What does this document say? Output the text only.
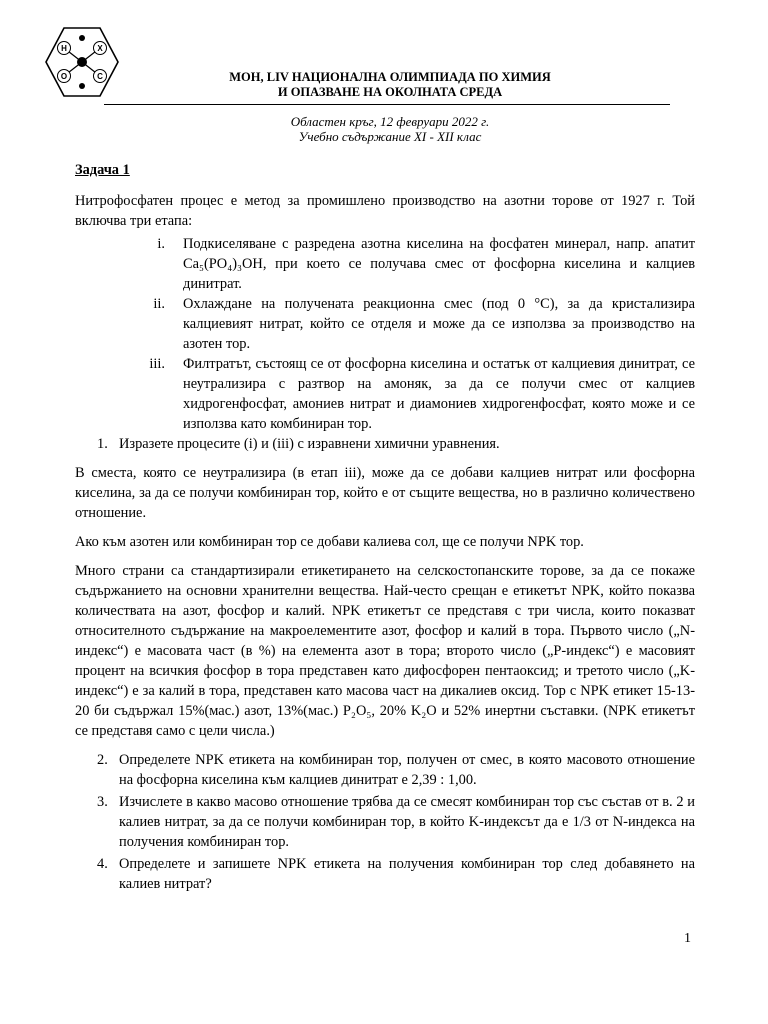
Н	Х
О	С	МОН, LIV НАЦИОНАЛНА ОЛИМПИАДА ПО ХИМИЯ
И ОПАЗВАНЕ НА ОКОЛНАТА СРЕДА
Областен кръг, 12 февруари 2022 г.
Учебно съдържание XI - XII клас

Задача 1

Нитрофосфатен процес е метод за промишлено производство на азотни торове от 1927 г. Той включва три етапа:

i. Подкиселяване с разредена азотна киселина на фосфатен минерал, напр. апатит Ca₅(PO₄)₃OH, при което се получава смес от фосфорна киселина и калциев динитрат.
ii. Охлаждане на получената реакционна смес (под 0 °C), за да кристализира калциевият нитрат, който се отделя и може да се използва за производство на азотен тор.
iii. Филтратът, състоящ се от фосфорна киселина и остатък от калциевия динитрат, се неутрализира с разтвор на амоняк, за да се получи смес от калциев хидрогенфосфат, амониев нитрат и диамониев хидрогенфосфат, която може и се използва като комбиниран тор.
1. Изразете процесите (i) и (iii) с изравнени химични уравнения.

В сместа, която се неутрализира (в етап iii), може да се добави калциев нитрат или фосфорна киселина, за да се получи комбиниран тор, който е от същите вещества, но в различно количествено отношение.

Ако към азотен или комбиниран тор се добави калиева сол, ще се получи NPK тор.

Много страни са стандартизирали етикетирането на селскостопанските торове, за да се покаже съдържанието на основни хранителни вещества. Най-често срещан е етикетът NPK, който показва количествата на азот, фосфор и калий. NPK етикетът се представя с три числа, които показват относителното съдържание на макроелементите азот, фосфор и калий в тора. Първото число („N-индекс“) е масовата част (в %) на елемента азот в тора; второто число („P-индекс“) е масовият процент на всичкия фосфор в тора представен като дифосфорен пентаоксид; и третото число („K-индекс“) е за калий в тора, представен като масова част на дикалиев оксид. Тор с NPK етикет 15-13-20 би съдържал 15%(мас.) азот, 13%(мас.) P₂O₅, 20% K₂O и 52% инертни съставки. (NPK етикетът се представя само с цели числа.)

2. Определете NPK етикета на комбиниран тор, получен от смес, в която масовото отношение на фосфорна киселина към калциев динитрат е 2,39 : 1,00.
3. Изчислете в какво масово отношение трябва да се смесят комбиниран тор със състав от в. 2 и калиев нитрат, за да се получи комбиниран тор, в който K-индексът да е 1/3 от N-индекса на получения комбиниран тор.
4. Определете и запишете NPK етикета на получения комбиниран тор след добавянето на калиев нитрат?
1
